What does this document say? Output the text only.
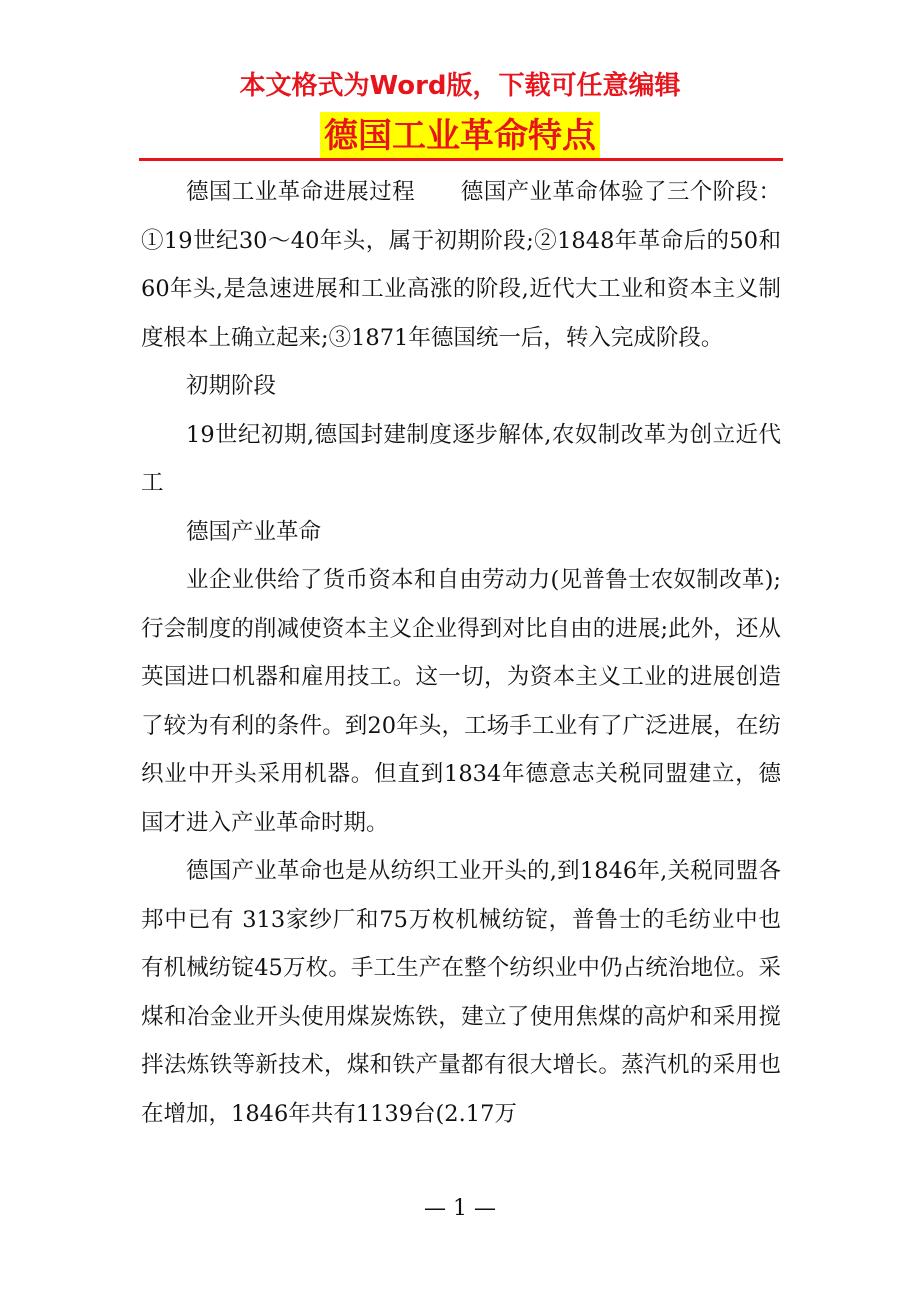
本文格式为Word版，下载可任意编辑
德国工业革命特点

德国工业革命进展过程　　德国产业革命体验了三个阶段：①19世纪30～40年头，属于初期阶段;②1848年革命后的50和60年头,是急速进展和工业高涨的阶段,近代大工业和资本主义制度根本上确立起来;③1871年德国统一后，转入完成阶段。

初期阶段

19世纪初期,德国封建制度逐步解体,农奴制改革为创立近代工

德国产业革命

业企业供给了货币资本和自由劳动力(见普鲁士农奴制改革);行会制度的削减使资本主义企业得到对比自由的进展;此外，还从英国进口机器和雇用技工。这一切，为资本主义工业的进展创造了较为有利的条件。到20年头，工场手工业有了广泛进展，在纺织业中开头采用机器。但直到1834年德意志关税同盟建立，德国才进入产业革命时期。

德国产业革命也是从纺织工业开头的,到1846年,关税同盟各邦中已有 313家纱厂和75万枚机械纺锭，普鲁士的毛纺业中也有机械纺锭45万枚。手工生产在整个纺织业中仍占统治地位。采煤和冶金业开头使用煤炭炼铁，建立了使用焦煤的高炉和采用搅拌法炼铁等新技术，煤和铁产量都有很大增长。蒸汽机的采用也在增加，1846年共有1139台(2.17万

— 1 —
